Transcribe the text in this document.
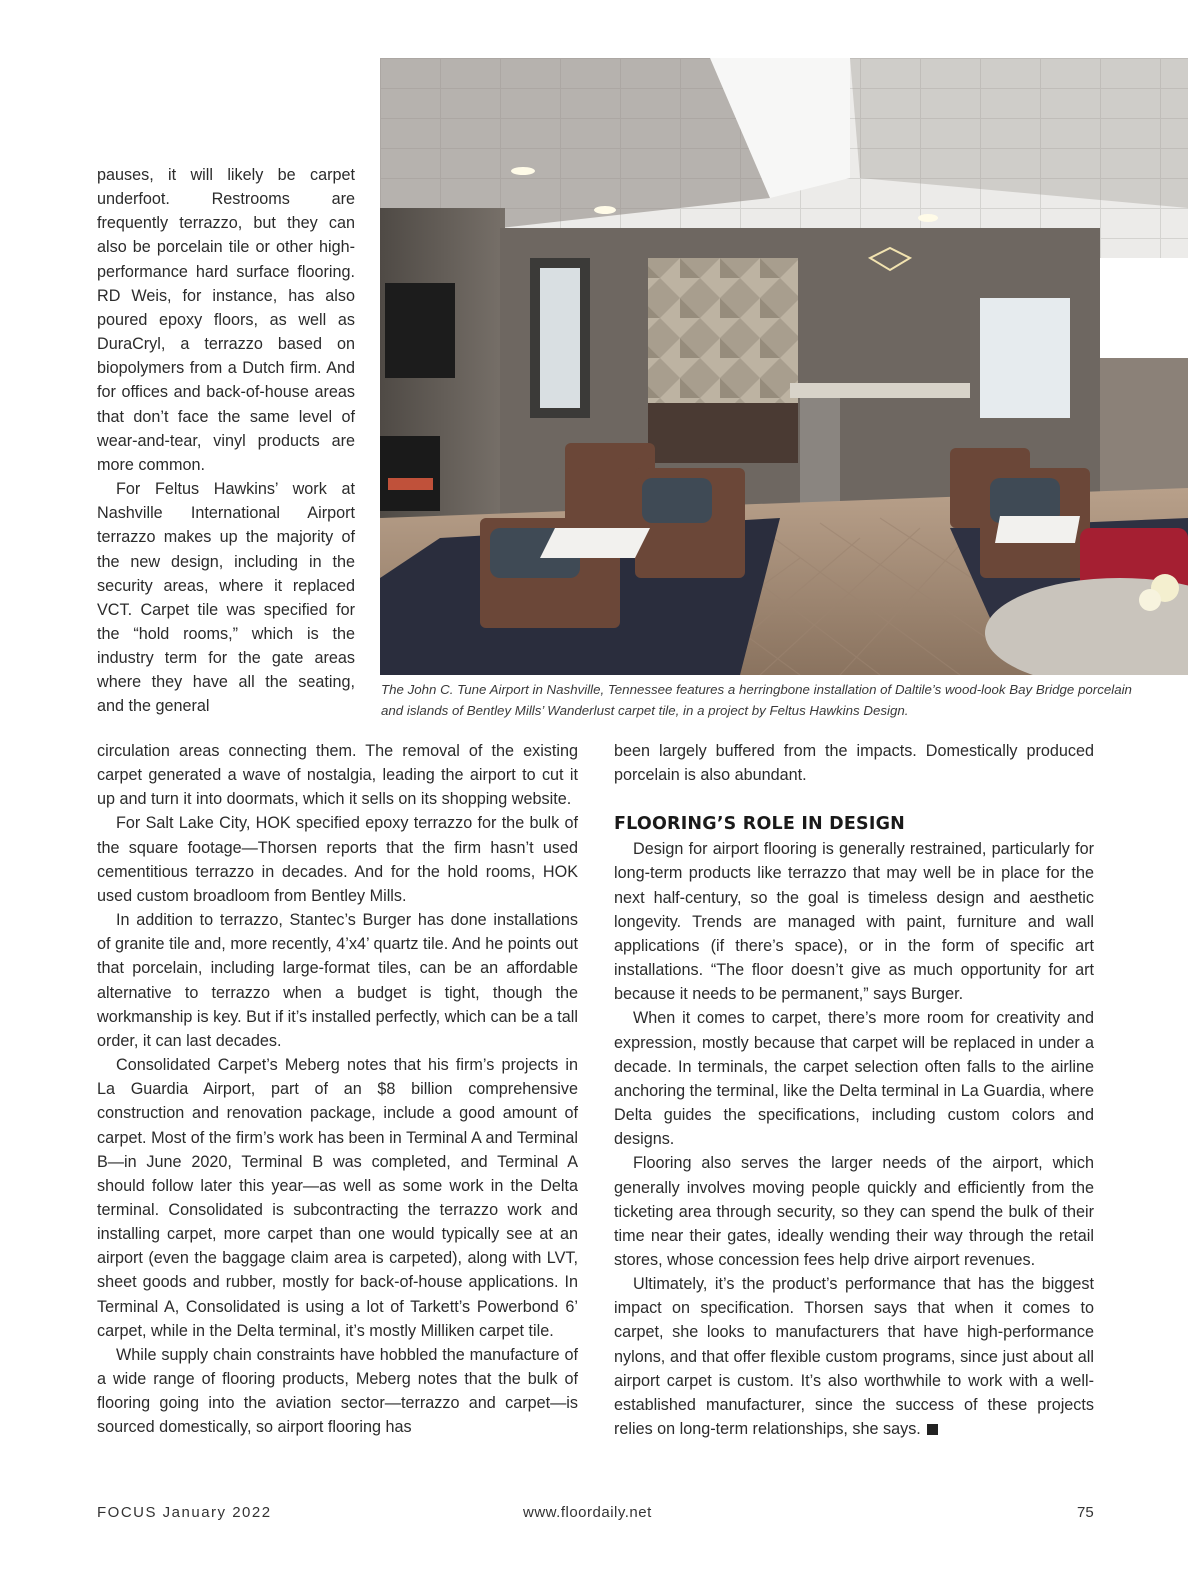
The John C. Tune Airport in Nashville, Tennessee features a herringbone installation of Daltile’s wood-look Bay Bridge porcelain and islands of Bentley Mills’ Wanderlust carpet tile, in a project by Feltus Hawkins Design.

pauses, it will likely be carpet underfoot. Restrooms are frequently terrazzo, but they can also be porcelain tile or other high-performance hard surface flooring. RD Weis, for instance, has also poured epoxy floors, as well as DuraCryl, a terrazzo based on biopolymers from a Dutch firm. And for offices and back-of-house areas that don’t face the same level of wear-and-tear, vinyl products are more common.

For Feltus Hawkins’ work at Nashville International Airport terrazzo makes up the majority of the new design, including in the security areas, where it replaced VCT. Carpet tile was specified for the “hold rooms,” which is the industry term for the gate areas where they have all the seating, and the general

circulation areas connecting them. The removal of the existing carpet generated a wave of nostalgia, leading the airport to cut it up and turn it into doormats, which it sells on its shopping website.

For Salt Lake City, HOK specified epoxy terrazzo for the bulk of the square footage—Thorsen reports that the firm hasn’t used cementitious terrazzo in decades. And for the hold rooms, HOK used custom broadloom from Bentley Mills.

In addition to terrazzo, Stantec’s Burger has done installations of granite tile and, more recently, 4’x4’ quartz tile. And he points out that porcelain, including large-format tiles, can be an affordable alternative to terrazzo when a budget is tight, though the workmanship is key. But if it’s installed perfectly, which can be a tall order, it can last decades.

Consolidated Carpet’s Meberg notes that his firm’s projects in La Guardia Airport, part of an $8 billion comprehensive construction and renovation package, include a good amount of carpet. Most of the firm’s work has been in Terminal A and Terminal B—in June 2020, Terminal B was completed, and Terminal A should follow later this year—as well as some work in the Delta terminal. Consolidated is subcontracting the terrazzo work and installing carpet, more carpet than one would typically see at an airport (even the baggage claim area is carpeted), along with LVT, sheet goods and rubber, mostly for back-of-house applications. In Terminal A, Consolidated is using a lot of Tarkett’s Powerbond 6’ carpet, while in the Delta terminal, it’s mostly Milliken carpet tile.

While supply chain constraints have hobbled the manufacture of a wide range of flooring products, Meberg notes that the bulk of flooring going into the aviation sector—terrazzo and carpet—is sourced domestically, so airport flooring has

been largely buffered from the impacts. Domestically produced porcelain is also abundant.

FLOORING’S ROLE IN DESIGN

Design for airport flooring is generally restrained, particularly for long-term products like terrazzo that may well be in place for the next half-century, so the goal is timeless design and aesthetic longevity. Trends are managed with paint, furniture and wall applications (if there’s space), or in the form of specific art installations. “The floor doesn’t give as much opportunity for art because it needs to be permanent,” says Burger.

When it comes to carpet, there’s more room for creativity and expression, mostly because that carpet will be replaced in under a decade. In terminals, the carpet selection often falls to the airline anchoring the terminal, like the Delta terminal in La Guardia, where Delta guides the specifications, including custom colors and designs.

Flooring also serves the larger needs of the airport, which generally involves moving people quickly and efficiently from the ticketing area through security, so they can spend the bulk of their time near their gates, ideally wending their way through the retail stores, whose concession fees help drive airport revenues.

Ultimately, it’s the product’s performance that has the biggest impact on specification. Thorsen says that when it comes to carpet, she looks to manufacturers that have high-performance nylons, and that offer flexible custom programs, since just about all airport carpet is custom. It’s also worthwhile to work with a well-established manufacturer, since the success of these projects relies on long-term relationships, she says.

FOCUS January 2022	www.floordaily.net	75
